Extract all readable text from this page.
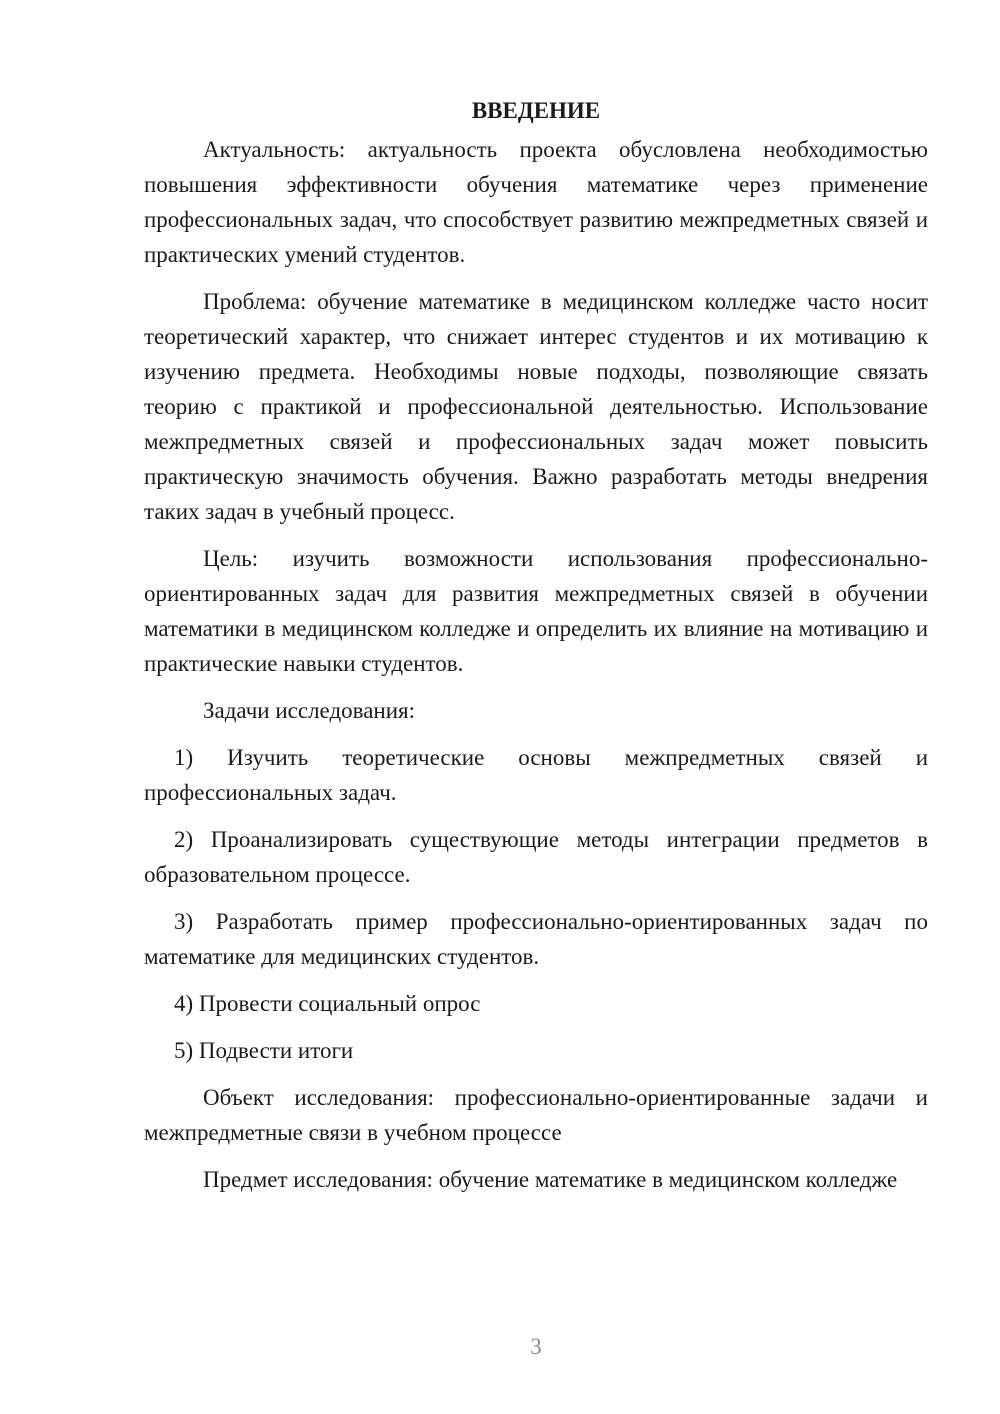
ВВЕДЕНИЕ

Актуальность: актуальность проекта обусловлена необходимостью повышения эффективности обучения математике через применение профессиональных задач, что способствует развитию межпредметных связей и практических умений студентов.

Проблема: обучение математике в медицинском колледже часто носит теоретический характер, что снижает интерес студентов и их мотивацию к изучению предмета. Необходимы новые подходы, позволяющие связать теорию с практикой и профессиональной деятельностью. Использование межпредметных связей и профессиональных задач может повысить практическую значимость обучения. Важно разработать методы внедрения таких задач в учебный процесс.

Цель: изучить возможности использования профессионально-ориентированных задач для развития межпредметных связей в обучении математики в медицинском колледже и определить их влияние на мотивацию и практические навыки студентов.

Задачи исследования:

1) Изучить теоретические основы межпредметных связей и профессиональных задач.

2) Проанализировать существующие методы интеграции предметов в образовательном процессе.

3) Разработать пример профессионально-ориентированных задач по математике для медицинских студентов.

4) Провести социальный опрос

5) Подвести итоги

Объект исследования: профессионально-ориентированные задачи и межпредметные связи в учебном процессе

Предмет исследования: обучение математике в медицинском колледже

3
